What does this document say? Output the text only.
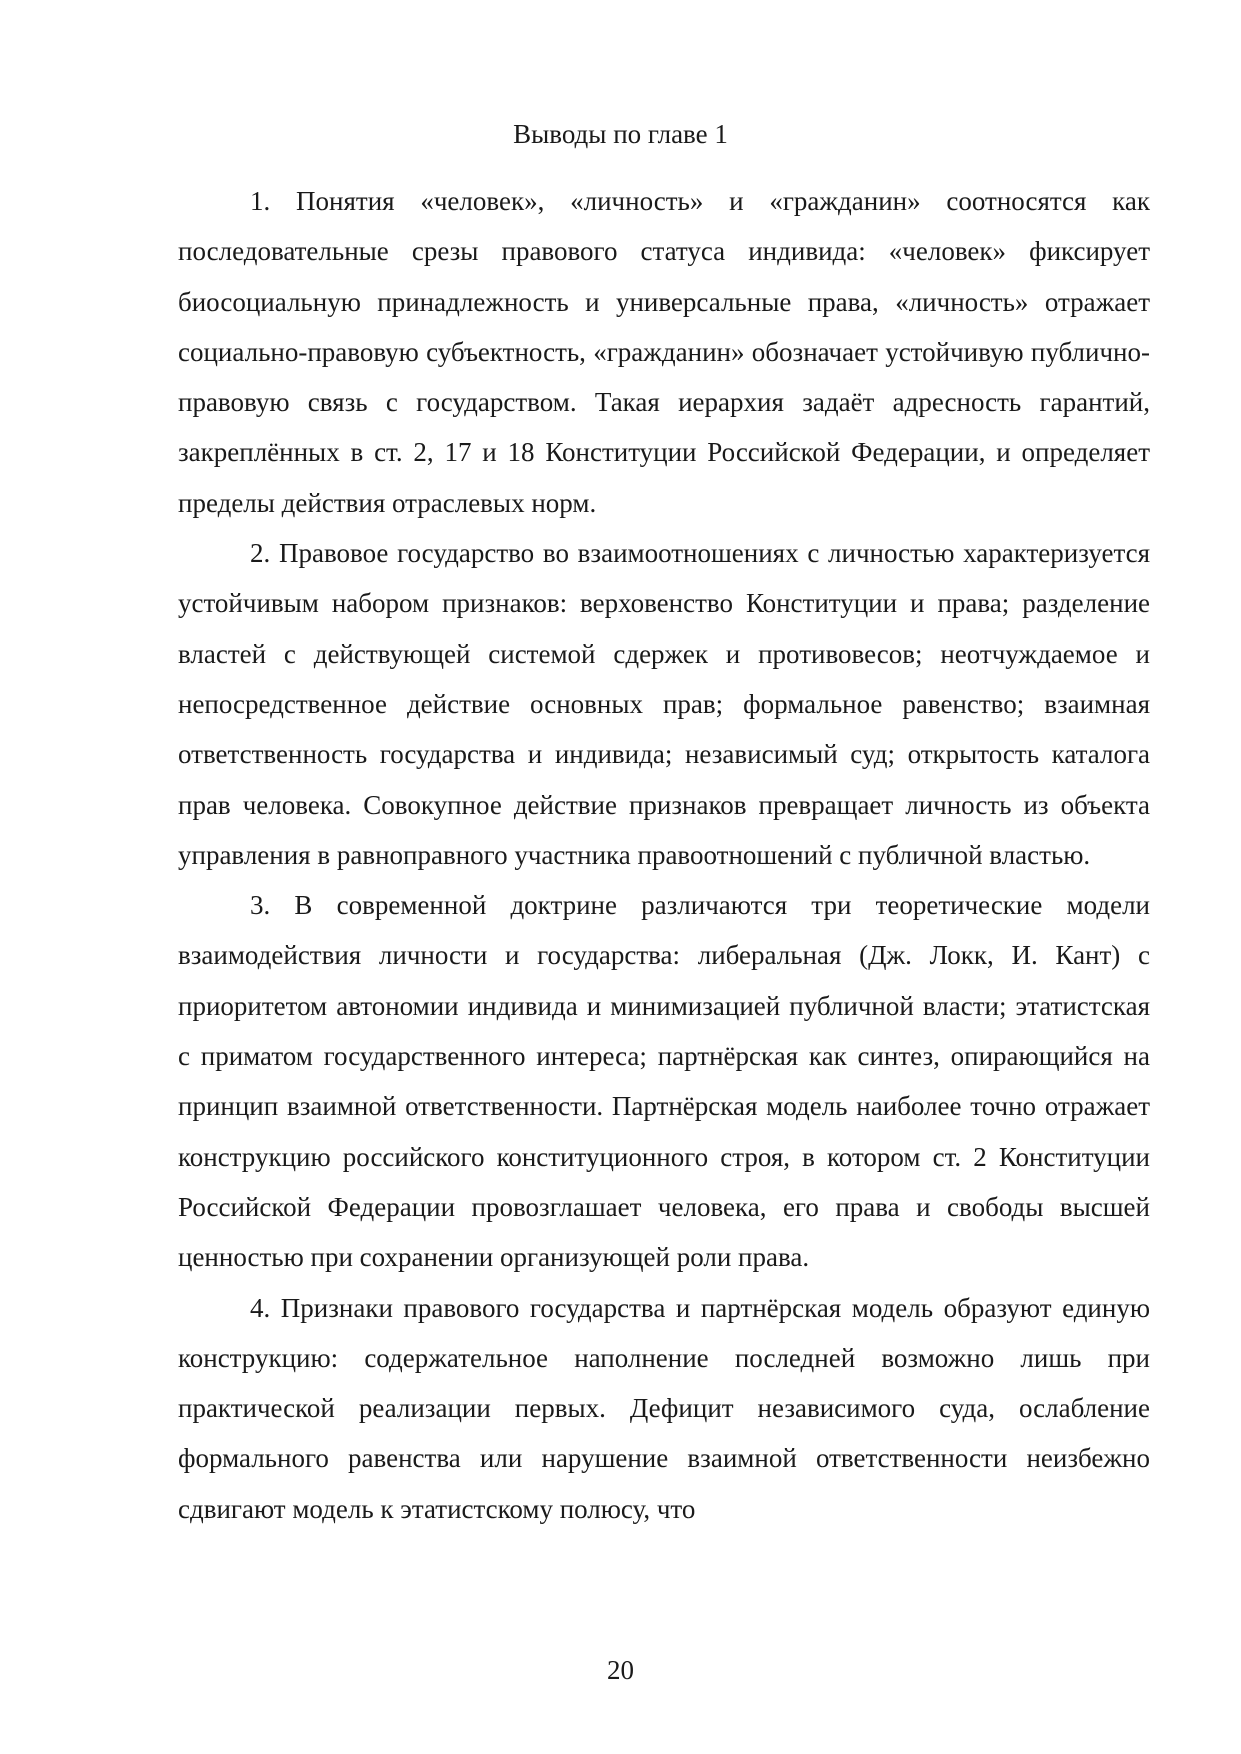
Выводы по главе 1

1. Понятия «человек», «личность» и «гражданин» соотносятся как последовательные срезы правового статуса индивида: «человек» фиксирует биосоциальную принадлежность и универсальные права, «личность» отражает социально-правовую субъектность, «гражданин» обозначает устойчивую публично-правовую связь с государством. Такая иерархия задаёт адресность гарантий, закреплённых в ст. 2, 17 и 18 Конституции Российской Федерации, и определяет пределы действия отраслевых норм.

2. Правовое государство во взаимоотношениях с личностью характеризуется устойчивым набором признаков: верховенство Конституции и права; разделение властей с действующей системой сдержек и противовесов; неотчуждаемое и непосредственное действие основных прав; формальное равенство; взаимная ответственность государства и индивида; независимый суд; открытость каталога прав человека. Совокупное действие признаков превращает личность из объекта управления в равноправного участника правоотношений с публичной властью.

3. В современной доктрине различаются три теоретические модели взаимодействия личности и государства: либеральная (Дж. Локк, И. Кант) с приоритетом автономии индивида и минимизацией публичной власти; этатистская с приматом государственного интереса; партнёрская как синтез, опирающийся на принцип взаимной ответственности. Партнёрская модель наиболее точно отражает конструкцию российского конституционного строя, в котором ст. 2 Конституции Российской Федерации провозглашает человека, его права и свободы высшей ценностью при сохранении организующей роли права.

4. Признаки правового государства и партнёрская модель образуют единую конструкцию: содержательное наполнение последней возможно лишь при практической реализации первых. Дефицит независимого суда, ослабление формального равенства или нарушение взаимной ответственности неизбежно сдвигают модель к этатистскому полюсу, что

20
